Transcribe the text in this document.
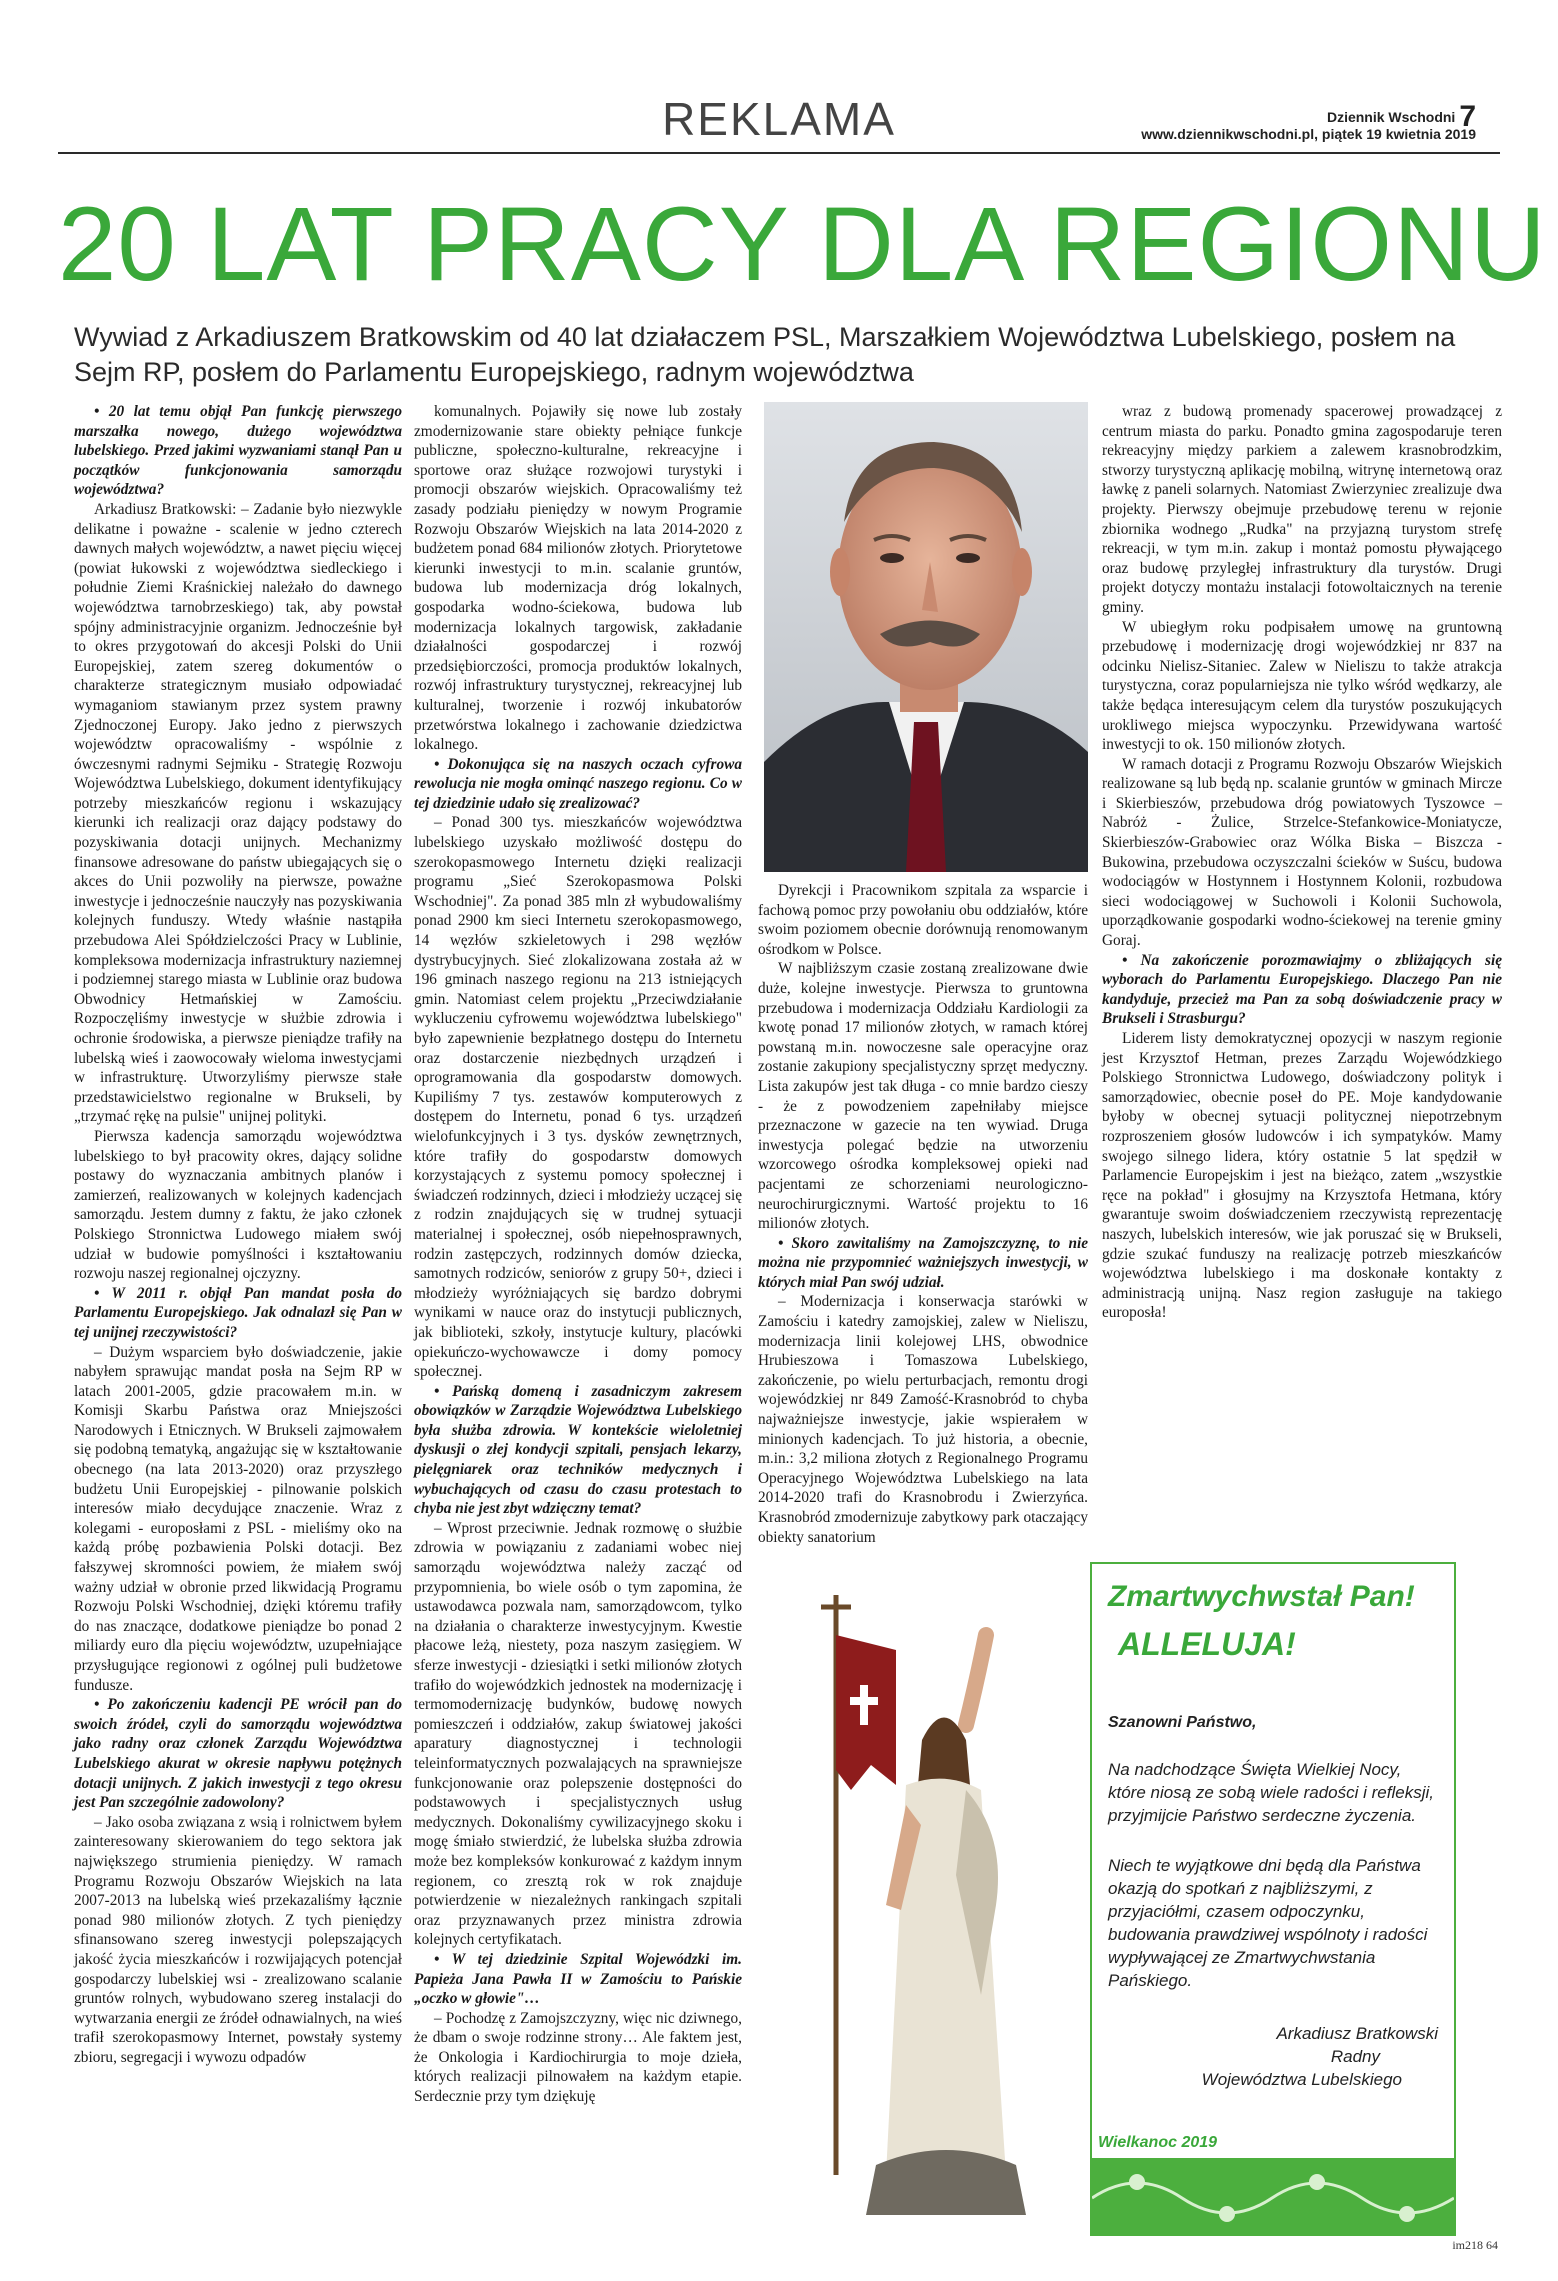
REKLAMA	Dziennik Wschodni 7
www.dziennikwschodni.pl, piątek 19 kwietnia 2019
20 LAT PRACY DLA REGIONU
Wywiad z Arkadiuszem Bratkowskim od 40 lat działaczem PSL, Marszałkiem Województwa Lubelskiego, posłem na Sejm RP, posłem do Parlamentu Europejskiego, radnym województwa

• 20 lat temu objął Pan funkcję pierwszego marszałka nowego, dużego województwa lubelskiego. Przed jakimi wyzwaniami stanął Pan u początków funkcjonowania samorządu województwa?

Arkadiusz Bratkowski: – Zadanie było niezwykle delikatne i poważne - scalenie w jedno czterech dawnych małych województw, a nawet pięciu więcej (powiat łukowski z województwa siedleckiego i południe Ziemi Kraśnickiej należało do dawnego województwa tarnobrzeskiego) tak, aby powstał spójny administracyjnie organizm. Jednocześnie był to okres przygotowań do akcesji Polski do Unii Europejskiej, zatem szereg dokumentów o charakterze strategicznym musiało odpowiadać wymaganiom stawianym przez system prawny Zjednoczonej Europy. Jako jedno z pierwszych województw opracowaliśmy - wspólnie z ówczesnymi radnymi Sejmiku - Strategię Rozwoju Województwa Lubelskiego, dokument identyfikujący potrzeby mieszkańców regionu i wskazujący kierunki ich realizacji oraz dający podstawy do pozyskiwania dotacji unijnych. Mechanizmy finansowe adresowane do państw ubiegających się o akces do Unii pozwoliły na pierwsze, poważne inwestycje i jednocześnie nauczyły nas pozyskiwania kolejnych funduszy. Wtedy właśnie nastąpiła przebudowa Alei Spółdzielczości Pracy w Lublinie, kompleksowa modernizacja infrastruktury naziemnej i podziemnej starego miasta w Lublinie oraz budowa Obwodnicy Hetmańskiej w Zamościu. Rozpoczęliśmy inwestycje w służbie zdrowia i ochronie środowiska, a pierwsze pieniądze trafiły na lubelską wieś i zaowocowały wieloma inwestycjami w infrastrukturę. Utworzyliśmy pierwsze stałe przedstawicielstwo regionalne w Brukseli, by „trzymać rękę na pulsie" unijnej polityki.

Pierwsza kadencja samorządu województwa lubelskiego to był pracowity okres, dający solidne postawy do wyznaczania ambitnych planów i zamierzeń, realizowanych w kolejnych kadencjach samorządu. Jestem dumny z faktu, że jako członek Polskiego Stronnictwa Ludowego miałem swój udział w budowie pomyślności i kształtowaniu rozwoju naszej regionalnej ojczyzny.

• W 2011 r. objął Pan mandat posła do Parlamentu Europejskiego. Jak odnalazł się Pan w tej unijnej rzeczywistości?

– Dużym wsparciem było doświadczenie, jakie nabyłem sprawując mandat posła na Sejm RP w latach 2001-2005, gdzie pracowałem m.in. w Komisji Skarbu Państwa oraz Mniejszości Narodowych i Etnicznych. W Brukseli zajmowałem się podobną tematyką, angażując się w kształtowanie obecnego (na lata 2013-2020) oraz przyszłego budżetu Unii Europejskiej - pilnowanie polskich interesów miało decydujące znaczenie. Wraz z kolegami - europosłami z PSL - mieliśmy oko na każdą próbę pozbawienia Polski dotacji. Bez fałszywej skromności powiem, że miałem swój ważny udział w obronie przed likwidacją Programu Rozwoju Polski Wschodniej, dzięki któremu trafiły do nas znaczące, dodatkowe pieniądze bo ponad 2 miliardy euro dla pięciu województw, uzupełniające przysługujące regionowi z ogólnej puli budżetowe fundusze.

• Po zakończeniu kadencji PE wrócił pan do swoich źródeł, czyli do samorządu województwa jako radny oraz członek Zarządu Województwa Lubelskiego akurat w okresie napływu potężnych dotacji unijnych. Z jakich inwestycji z tego okresu jest Pan szczególnie zadowolony?

– Jako osoba związana z wsią i rolnictwem byłem zainteresowany skierowaniem do tego sektora jak największego strumienia pieniędzy. W ramach Programu Rozwoju Obszarów Wiejskich na lata 2007-2013 na lubelską wieś przekazaliśmy łącznie ponad 980 milionów złotych. Z tych pieniędzy sfinansowano szereg inwestycji polepszających jakość życia mieszkańców i rozwijających potencjał gospodarczy lubelskiej wsi - zrealizowano scalanie gruntów rolnych, wybudowano szereg instalacji do wytwarzania energii ze źródeł odnawialnych, na wieś trafił szerokopasmowy Internet, powstały systemy zbioru, segregacji i wywozu odpadów

komunalnych. Pojawiły się nowe lub zostały zmodernizowanie stare obiekty pełniące funkcje publiczne, społeczno-kulturalne, rekreacyjne i sportowe oraz służące rozwojowi turystyki i promocji obszarów wiejskich. Opracowaliśmy też zasady podziału pieniędzy w nowym Programie Rozwoju Obszarów Wiejskich na lata 2014-2020 z budżetem ponad 684 milionów złotych. Priorytetowe kierunki inwestycji to m.in. scalanie gruntów, budowa lub modernizacja dróg lokalnych, gospodarka wodno-ściekowa, budowa lub modernizacja lokalnych targowisk, zakładanie działalności gospodarczej i rozwój przedsiębiorczości, promocja produktów lokalnych, rozwój infrastruktury turystycznej, rekreacyjnej lub kulturalnej, tworzenie i rozwój inkubatorów przetwórstwa lokalnego i zachowanie dziedzictwa lokalnego.

• Dokonująca się na naszych oczach cyfrowa rewolucja nie mogła ominąć naszego regionu. Co w tej dziedzinie udało się zrealizować?

– Ponad 300 tys. mieszkańców województwa lubelskiego uzyskało możliwość dostępu do szerokopasmowego Internetu dzięki realizacji programu „Sieć Szerokopasmowa Polski Wschodniej". Za ponad 385 mln zł wybudowaliśmy ponad 2900 km sieci Internetu szerokopasmowego, 14 węzłów szkieletowych i 298 węzłów dystrybucyjnych. Sieć zlokalizowana została aż w 196 gminach naszego regionu na 213 istniejących gmin. Natomiast celem projektu „Przeciwdziałanie wykluczeniu cyfrowemu województwa lubelskiego" było zapewnienie bezpłatnego dostępu do Internetu oraz dostarczenie niezbędnych urządzeń i oprogramowania dla gospodarstw domowych. Kupiliśmy 7 tys. zestawów komputerowych z dostępem do Internetu, ponad 6 tys. urządzeń wielofunkcyjnych i 3 tys. dysków zewnętrznych, które trafiły do gospodarstw domowych korzystających z systemu pomocy społecznej i świadczeń rodzinnych, dzieci i młodzieży uczącej się z rodzin znajdujących się w trudnej sytuacji materialnej i społecznej, osób niepełnosprawnych, rodzin zastępczych, rodzinnych domów dziecka, samotnych rodziców, seniorów z grupy 50+, dzieci i młodzieży wyróżniających się bardzo dobrymi wynikami w nauce oraz do instytucji publicznych, jak biblioteki, szkoły, instytucje kultury, placówki opiekuńczo-wychowawcze i domy pomocy społecznej.

• Pańską domeną i zasadniczym zakresem obowiązków w Zarządzie Województwa Lubelskiego była służba zdrowia. W kontekście wieloletniej dyskusji o złej kondycji szpitali, pensjach lekarzy, pielęgniarek oraz techników medycznych i wybuchających od czasu do czasu protestach to chyba nie jest zbyt wdzięczny temat?

– Wprost przeciwnie. Jednak rozmowę o służbie zdrowia w powiązaniu z zadaniami wobec niej samorządu województwa należy zacząć od przypomnienia, bo wiele osób o tym zapomina, że ustawodawca pozwala nam, samorządowcom, tylko na działania o charakterze inwestycyjnym. Kwestie płacowe leżą, niestety, poza naszym zasięgiem. W sferze inwestycji - dziesiątki i setki milionów złotych trafiło do wojewódzkich jednostek na modernizację i termomodernizację budynków, budowę nowych pomieszczeń i oddziałów, zakup światowej jakości aparatury diagnostycznej i technologii teleinformatycznych pozwalających na sprawniejsze funkcjonowanie oraz polepszenie dostępności do podstawowych i specjalistycznych usług medycznych. Dokonaliśmy cywilizacyjnego skoku i mogę śmiało stwierdzić, że lubelska służba zdrowia może bez kompleksów konkurować z każdym innym regionem, co zresztą rok w rok znajduje potwierdzenie w niezależnych rankingach szpitali oraz przyznawanych przez ministra zdrowia kolejnych certyfikatach.

• W tej dziedzinie Szpital Wojewódzki im. Papieża Jana Pawła II w Zamościu to Pańskie „oczko w głowie"…

– Pochodzę z Zamojszczyzny, więc nic dziwnego, że dbam o swoje rodzinne strony… Ale faktem jest, że Onkologia i Kardiochirurgia to moje dzieła, których realizacji pilnowałem na każdym etapie. Serdecznie przy tym dziękuję

Dyrekcji i Pracownikom szpitala za wsparcie i fachową pomoc przy powołaniu obu oddziałów, które swoim poziomem obecnie dorównują renomowanym ośrodkom w Polsce.

W najbliższym czasie zostaną zrealizowane dwie duże, kolejne inwestycje. Pierwsza to gruntowna przebudowa i modernizacja Oddziału Kardiologii za kwotę ponad 17 milionów złotych, w ramach której powstaną m.in. nowoczesne sale operacyjne oraz zostanie zakupiony specjalistyczny sprzęt medyczny. Lista zakupów jest tak długa - co mnie bardzo cieszy - że z powodzeniem zapełniłaby miejsce przeznaczone w gazecie na ten wywiad. Druga inwestycja polegać będzie na utworzeniu wzorcowego ośrodka kompleksowej opieki nad pacjentami ze schorzeniami neurologiczno-neurochirurgicznymi. Wartość projektu to 16 milionów złotych.

• Skoro zawitaliśmy na Zamojszczyznę, to nie można nie przypomnieć ważniejszych inwestycji, w których miał Pan swój udział.

– Modernizacja i konserwacja starówki w Zamościu i katedry zamojskiej, zalew w Nieliszu, modernizacja linii kolejowej LHS, obwodnice Hrubieszowa i Tomaszowa Lubelskiego, zakończenie, po wielu perturbacjach, remontu drogi wojewódzkiej nr 849 Zamość-Krasnobród to chyba najważniejsze inwestycje, jakie wspierałem w minionych kadencjach. To już historia, a obecnie, m.in.: 3,2 miliona złotych z Regionalnego Programu Operacyjnego Województwa Lubelskiego na lata 2014-2020 trafi do Krasnobrodu i Zwierzyńca. Krasnobród zmodernizuje zabytkowy park otaczający obiekty sanatorium

wraz z budową promenady spacerowej prowadzącej z centrum miasta do parku. Ponadto gmina zagospodaruje teren rekreacyjny między parkiem a zalewem krasnobrodzkim, stworzy turystyczną aplikację mobilną, witrynę internetową oraz ławkę z paneli solarnych. Natomiast Zwierzyniec zrealizuje dwa projekty. Pierwszy obejmuje przebudowę terenu w rejonie zbiornika wodnego „Rudka" na przyjazną turystom strefę rekreacji, w tym m.in. zakup i montaż pomostu pływającego oraz budowę przyległej infrastruktury dla turystów. Drugi projekt dotyczy montażu instalacji fotowoltaicznych na terenie gminy.

W ubiegłym roku podpisałem umowę na gruntowną przebudowę i modernizację drogi wojewódzkiej nr 837 na odcinku Nielisz-Sitaniec. Zalew w Nieliszu to także atrakcja turystyczna, coraz popularniejsza nie tylko wśród wędkarzy, ale także będąca interesującym celem dla turystów poszukujących urokliwego miejsca wypoczynku. Przewidywana wartość inwestycji to ok. 150 milionów złotych.

W ramach dotacji z Programu Rozwoju Obszarów Wiejskich realizowane są lub będą np. scalanie gruntów w gminach Mircze i Skierbieszów, przebudowa dróg powiatowych Tyszowce – Nabróż - Żulice, Strzelce-Stefankowice-Moniatycze, Skierbieszów-Grabowiec oraz Wólka Biska – Biszcza - Bukowina, przebudowa oczyszczalni ścieków w Suścu, budowa wodociągów w Hostynnem i Hostynnem Kolonii, rozbudowa sieci wodociągowej w Suchowoli i Kolonii Suchowola, uporządkowanie gospodarki wodno-ściekowej na terenie gminy Goraj.

• Na zakończenie porozmawiajmy o zbliżających się wyborach do Parlamentu Europejskiego. Dlaczego Pan nie kandyduje, przecież ma Pan za sobą doświadczenie pracy w Brukseli i Strasburgu?

Liderem listy demokratycznej opozycji w naszym regionie jest Krzysztof Hetman, prezes Zarządu Wojewódzkiego Polskiego Stronnictwa Ludowego, doświadczony polityk i samorządowiec, obecnie poseł do PE. Moje kandydowanie byłoby w obecnej sytuacji politycznej niepotrzebnym rozproszeniem głosów ludowców i ich sympatyków. Mamy swojego silnego lidera, który ostatnie 5 lat spędził w Parlamencie Europejskim i jest na bieżąco, zatem „wszystkie ręce na pokład" i głosujmy na Krzysztofa Hetmana, który gwarantuje swoim doświadczeniem rzeczywistą reprezentację naszych, lubelskich interesów, wie jak poruszać się w Brukseli, gdzie szukać funduszy na realizację potrzeb mieszkańców województwa lubelskiego i ma doskonałe kontakty z administracją unijną. Nasz region zasługuje na takiego europosła!

Zmartwychwstał Pan!
ALLELUJA!
Szanowni Państwo,
Na nadchodzące Święta Wielkiej Nocy, które niosą ze sobą wiele radości i refleksji, przyjmijcie Państwo serdeczne życzenia.
Niech te wyjątkowe dni będą dla Państwa okazją do spotkań z najbliższymi, z przyjaciółmi, czasem odpoczynku, budowania prawdziwej wspólnoty i radości wypływającej ze Zmartwychwstania Pańskiego.
Arkadiusz Bratkowski
Radny
Województwa Lubelskiego
Wielkanoc 2019
im218 64
